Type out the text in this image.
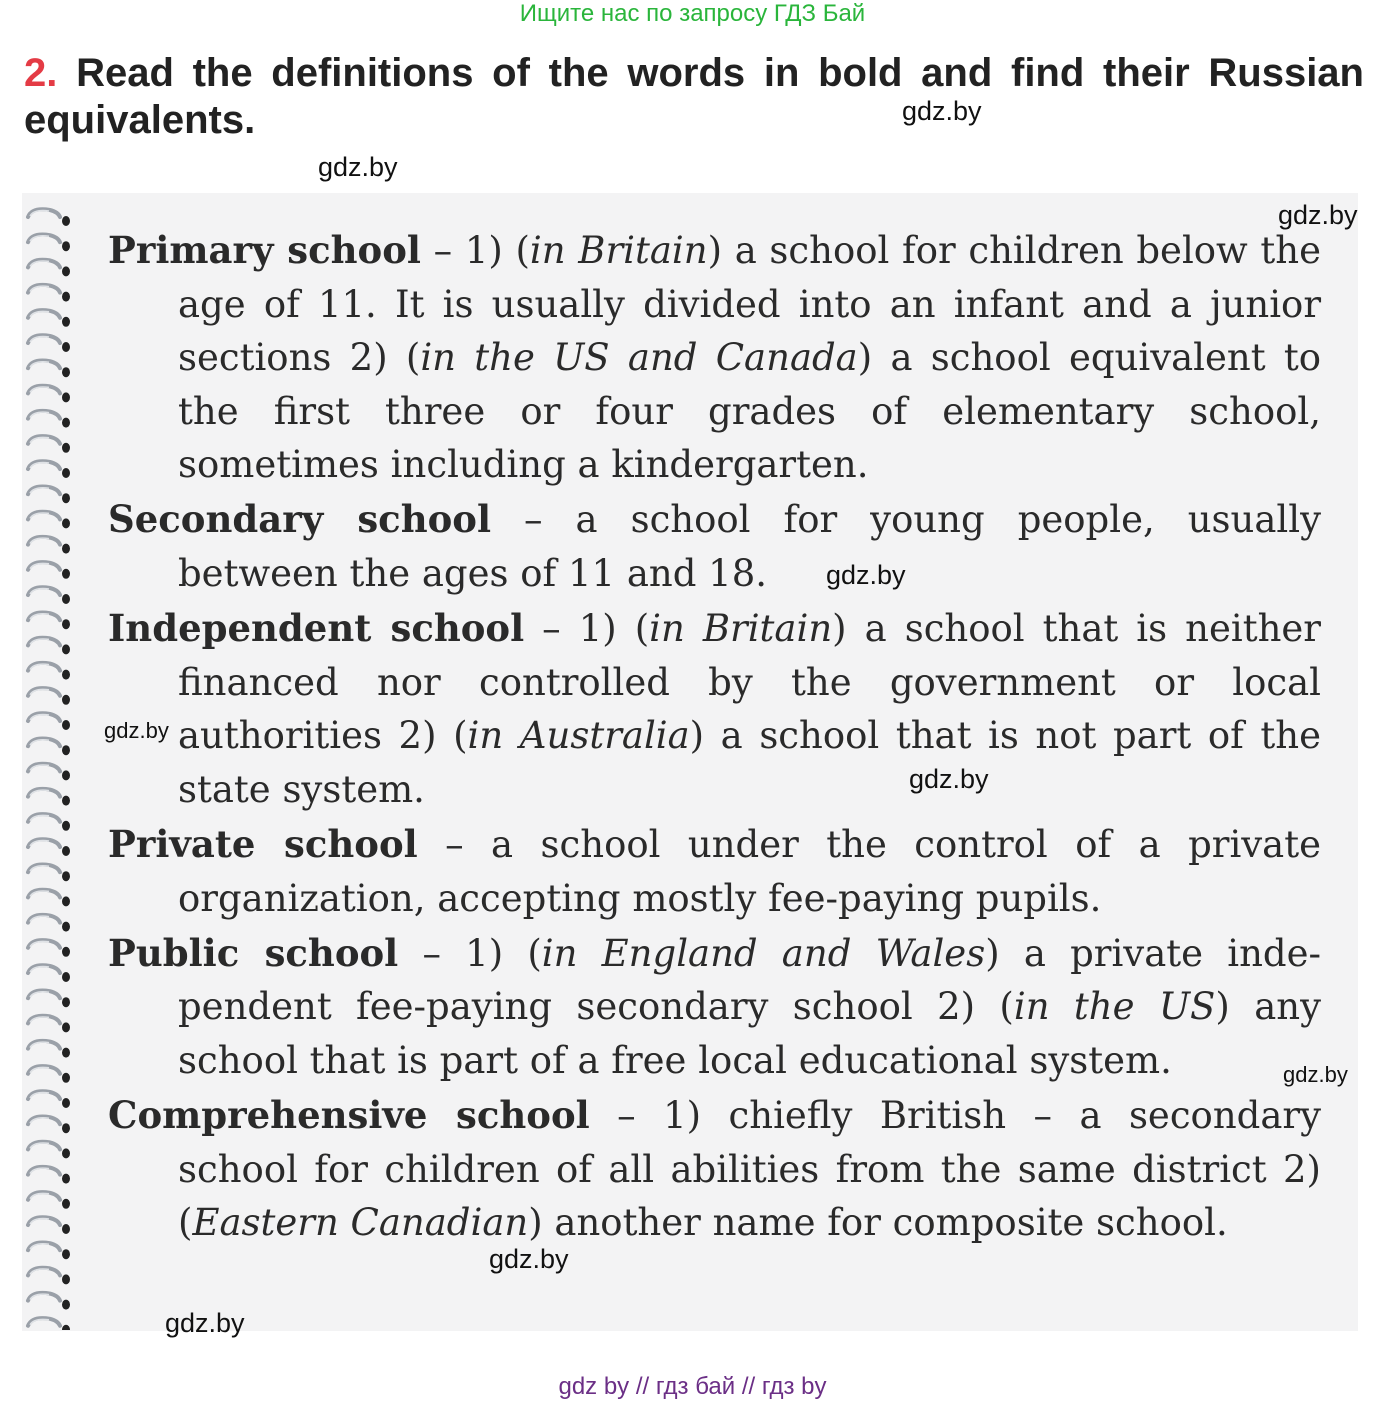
Ищите нас по запросу ГДЗ Бай
2. Read the definitions of the words in bold and find their Russian equivalents.	gdz.by
gdz.by
gdz.by

Primary school – 1) (in Britain) a school for children below the age of 11. It is usually divided into an infant and a junior sections 2) (in the US and Canada) a school equivalent to the first three or four grades of elementary school, sometimes including a kindergarten.

Secondary school – a school for young people, usually between the ages of 11 and 18.

Independent school – 1) (in Britain) a school that is neither financed nor controlled by the government or local authorities 2) (in Australia) a school that is not part of the state system.

Private school – a school under the control of a private organization, accepting mostly fee-paying pupils.

Public school – 1) (in England and Wales) a private independent fee-paying secondary school 2) (in the US) any school that is part of a free local educational system.

Comprehensive school – 1) chiefly British – a secondary school for children of all abilities from the same district 2) (Eastern Canadian) another name for composite school.

gdz.by
gdz.by
gdz.by
gdz.by
gdz.by
gdz.by
gdz by // гдз бай // гдз by
